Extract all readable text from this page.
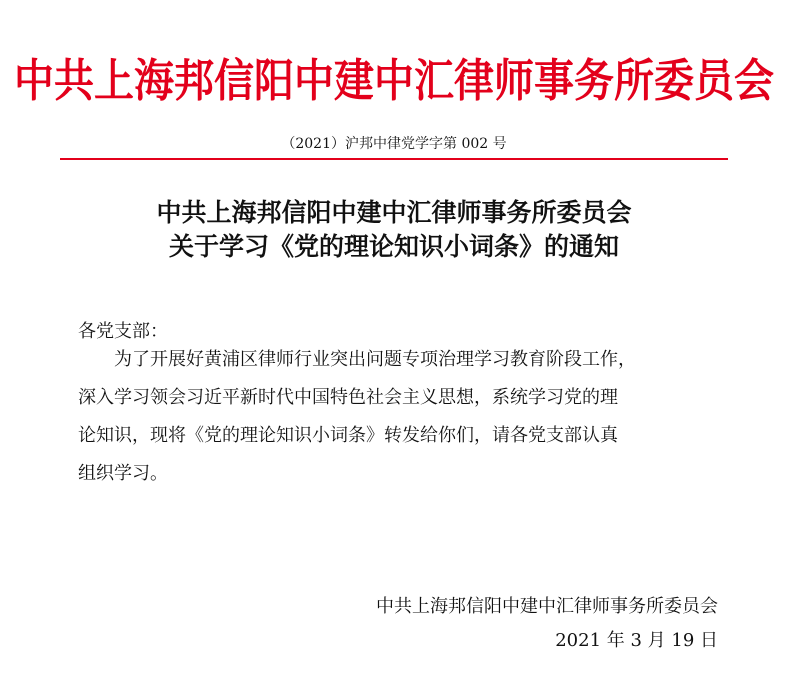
中共上海邦信阳中建中汇律师事务所委员会
（2021）沪邦中律党学字第 002 号
中共上海邦信阳中建中汇律师事务所委员会
关于学习《党的理论知识小词条》的通知
各党支部：
为了开展好黄浦区律师行业突出问题专项治理学习教育阶段工作，
深入学习领会习近平新时代中国特色社会主义思想，系统学习党的理
论知识，现将《党的理论知识小词条》转发给你们，请各党支部认真
组织学习。
中共上海邦信阳中建中汇律师事务所委员会
2021 年 3 月 19 日
